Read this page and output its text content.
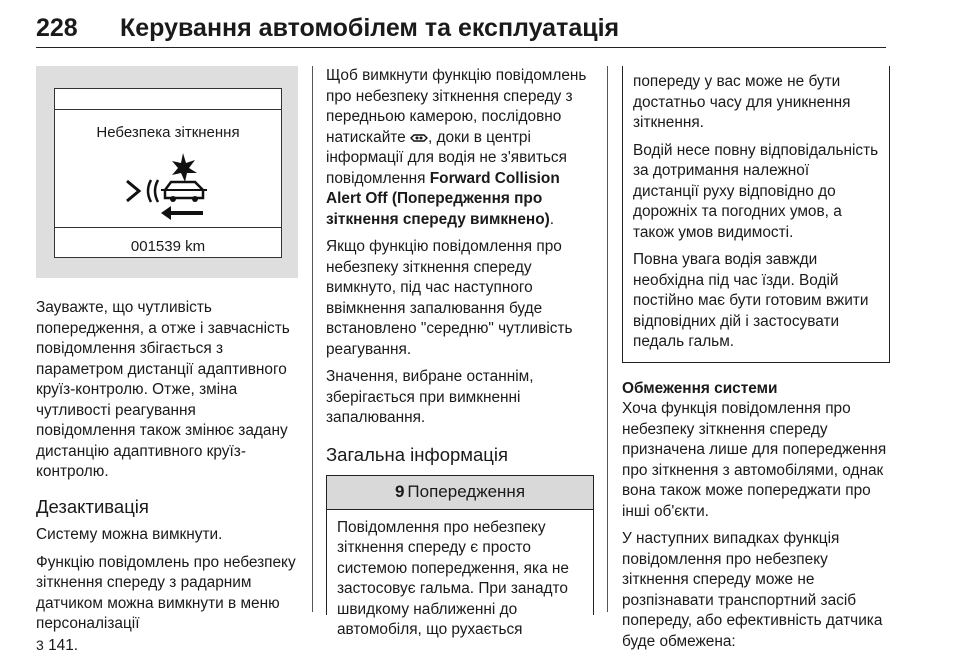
228 Керування автомобілем та експлуатація
Небезпека зіткнення
001539 km

Зауважте, що чутливість попередження, а отже і завчасність повідомлення збігається з параметром дистанції адаптивного круїз-контролю. Отже, зміна чутливості реагування повідомлення також змінює задану дистанцію адаптивного круїз-контролю.

Дезактивація

Систему можна вимкнути.

Функцію повідомлень про небезпеку зіткнення спереду з радарним датчиком можна вимкнути в меню персоналізації
3 141.

Щоб вимкнути функцію повідомлень про небезпеку зіткнення спереду з передньою камерою, послідовно натискайте , доки в центрі інформації для водія не з'явиться повідомлення Forward Collision Alert Off (Попередження про зіткнення спереду вимкнено).

Якщо функцію повідомлення про небезпеку зіткнення спереду вимкнуто, під час наступного ввімкнення запалювання буде встановлено "середню" чутливість реагування.

Значення, вибране останнім, зберігається при вимкненні запалювання.

Загальна інформація
9 Попередження
Повідомлення про небезпеку зіткнення спереду є просто системою попередження, яка не застосовує гальма. При занадто швидкому наближенні до автомобіля, що рухається

попереду у вас може не бути достатньо часу для уникнення зіткнення.

Водій несе повну відповідальність за дотримання належної дистанції руху відповідно до дорожніх та погодних умов, а також умов видимості.

Повна увага водія завжди необхідна під час їзди. Водій постійно має бути готовим вжити відповідних дій і застосувати педаль гальм.

Обмеження системи

Хоча функція повідомлення про небезпеку зіткнення спереду призначена лише для попередження про зіткнення з автомобілями, однак вона також може попереджати про інші об'єкти.

У наступних випадках функція повідомлення про небезпеку зіткнення спереду може не розпізнавати транспортний засіб попереду, або ефективність датчика буде обмежена:
